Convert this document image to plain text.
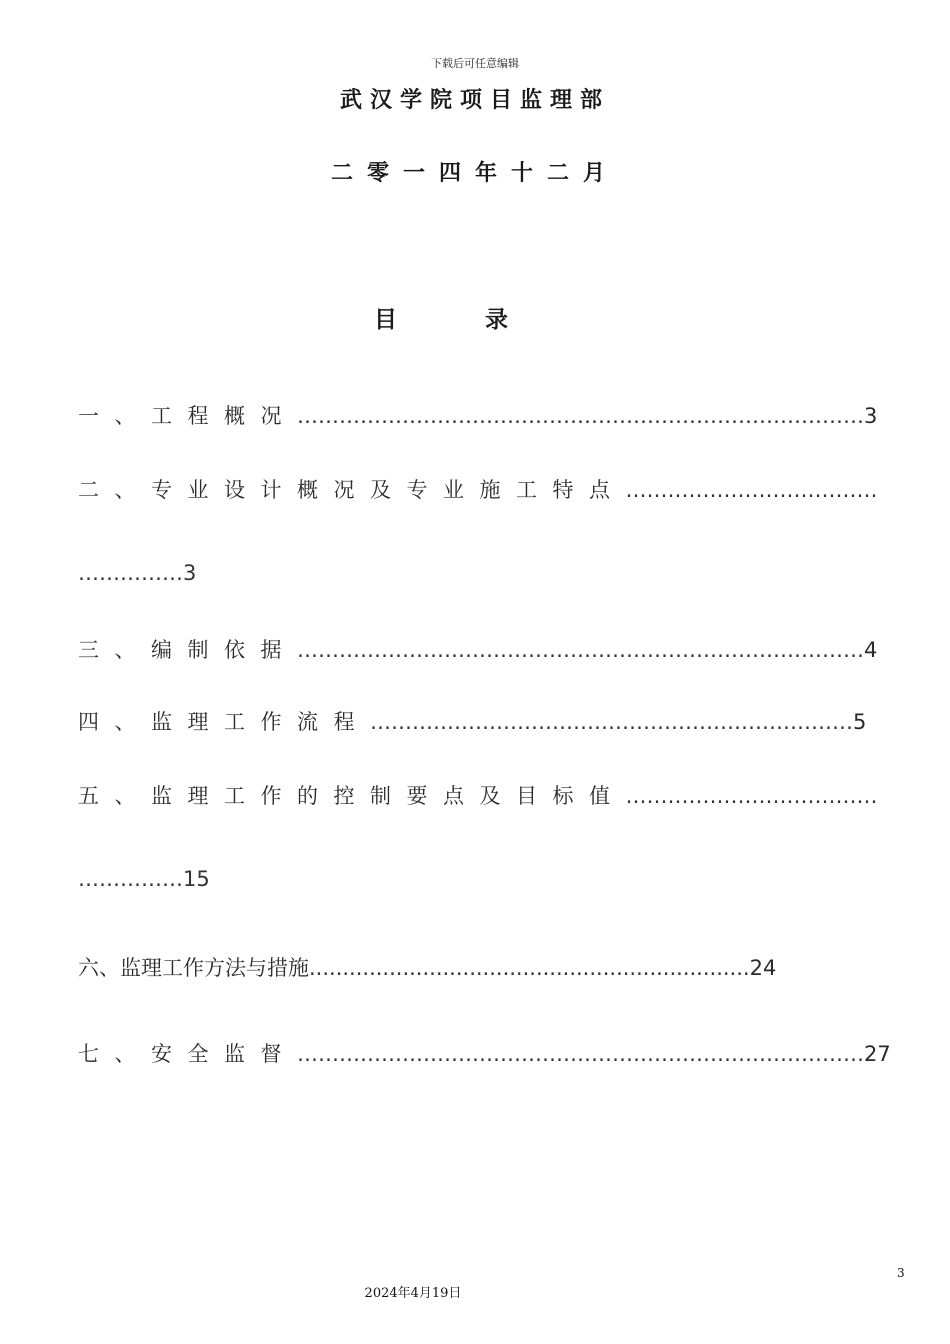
下载后可任意编辑
武汉学院项目监理部
二零一四年十二月
目录
一、工程概况………………………………………………………………………3
二、专业设计概况及专业施工特点………………………………
……………3
三、编制依据………………………………………………………………………4
四、监理工作流程……………………………………………………………5
五、监理工作的控制要点及目标值………………………………
……………15
六、监理工作方法与措施..................................................................24
七、安全监督………………………………………………………………………27
3
2024年4月19日
